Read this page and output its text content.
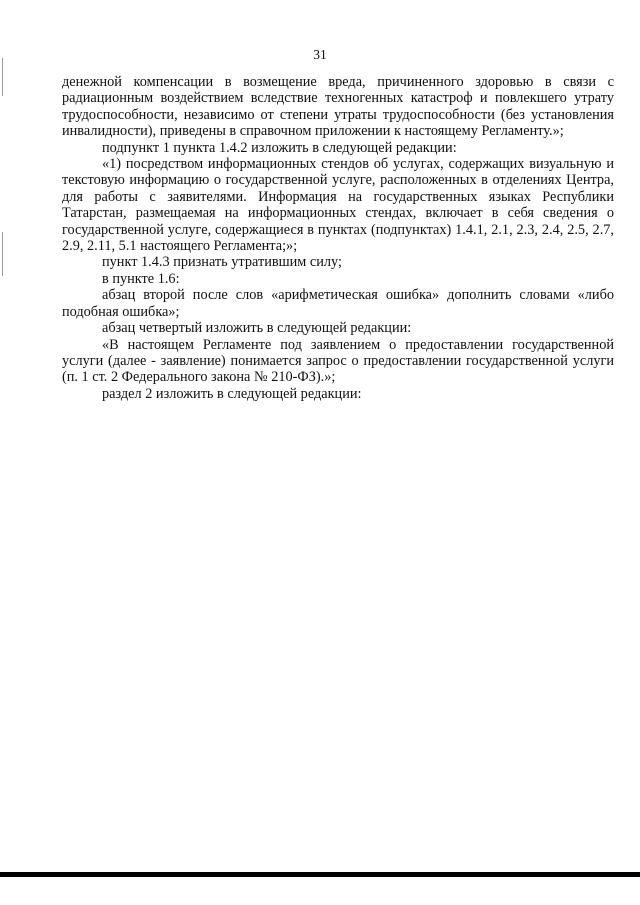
31

денежной компенсации в возмещение вреда, причиненного здоровью в связи с радиационным воздействием вследствие техногенных катастроф и повлекшего утрату трудоспособности, независимо от степени утраты трудоспособности (без установления инвалидности), приведены в справочном приложении к настоящему Регламенту.»;

подпункт 1 пункта 1.4.2 изложить в следующей редакции:

«1) посредством информационных стендов об услугах, содержащих визуальную и текстовую информацию о государственной услуге, расположенных в отделениях Центра, для работы с заявителями. Информация на государственных языках Республики Татарстан, размещаемая на информационных стендах, включает в себя сведения о государственной услуге, содержащиеся в пунктах (подпунктах) 1.4.1, 2.1, 2.3, 2.4, 2.5, 2.7, 2.9, 2.11, 5.1 настоящего Регламента;»;

пункт 1.4.3 признать утратившим силу;

в пункте 1.6:

абзац второй после слов «арифметическая ошибка» дополнить словами «либо подобная ошибка»;

абзац четвертый изложить в следующей редакции:

«В настоящем Регламенте под заявлением о предоставлении государственной услуги (далее - заявление) понимается запрос о предоставлении государственной услуги (п. 1 ст. 2 Федерального закона № 210-ФЗ).»;

раздел 2 изложить в следующей редакции:
